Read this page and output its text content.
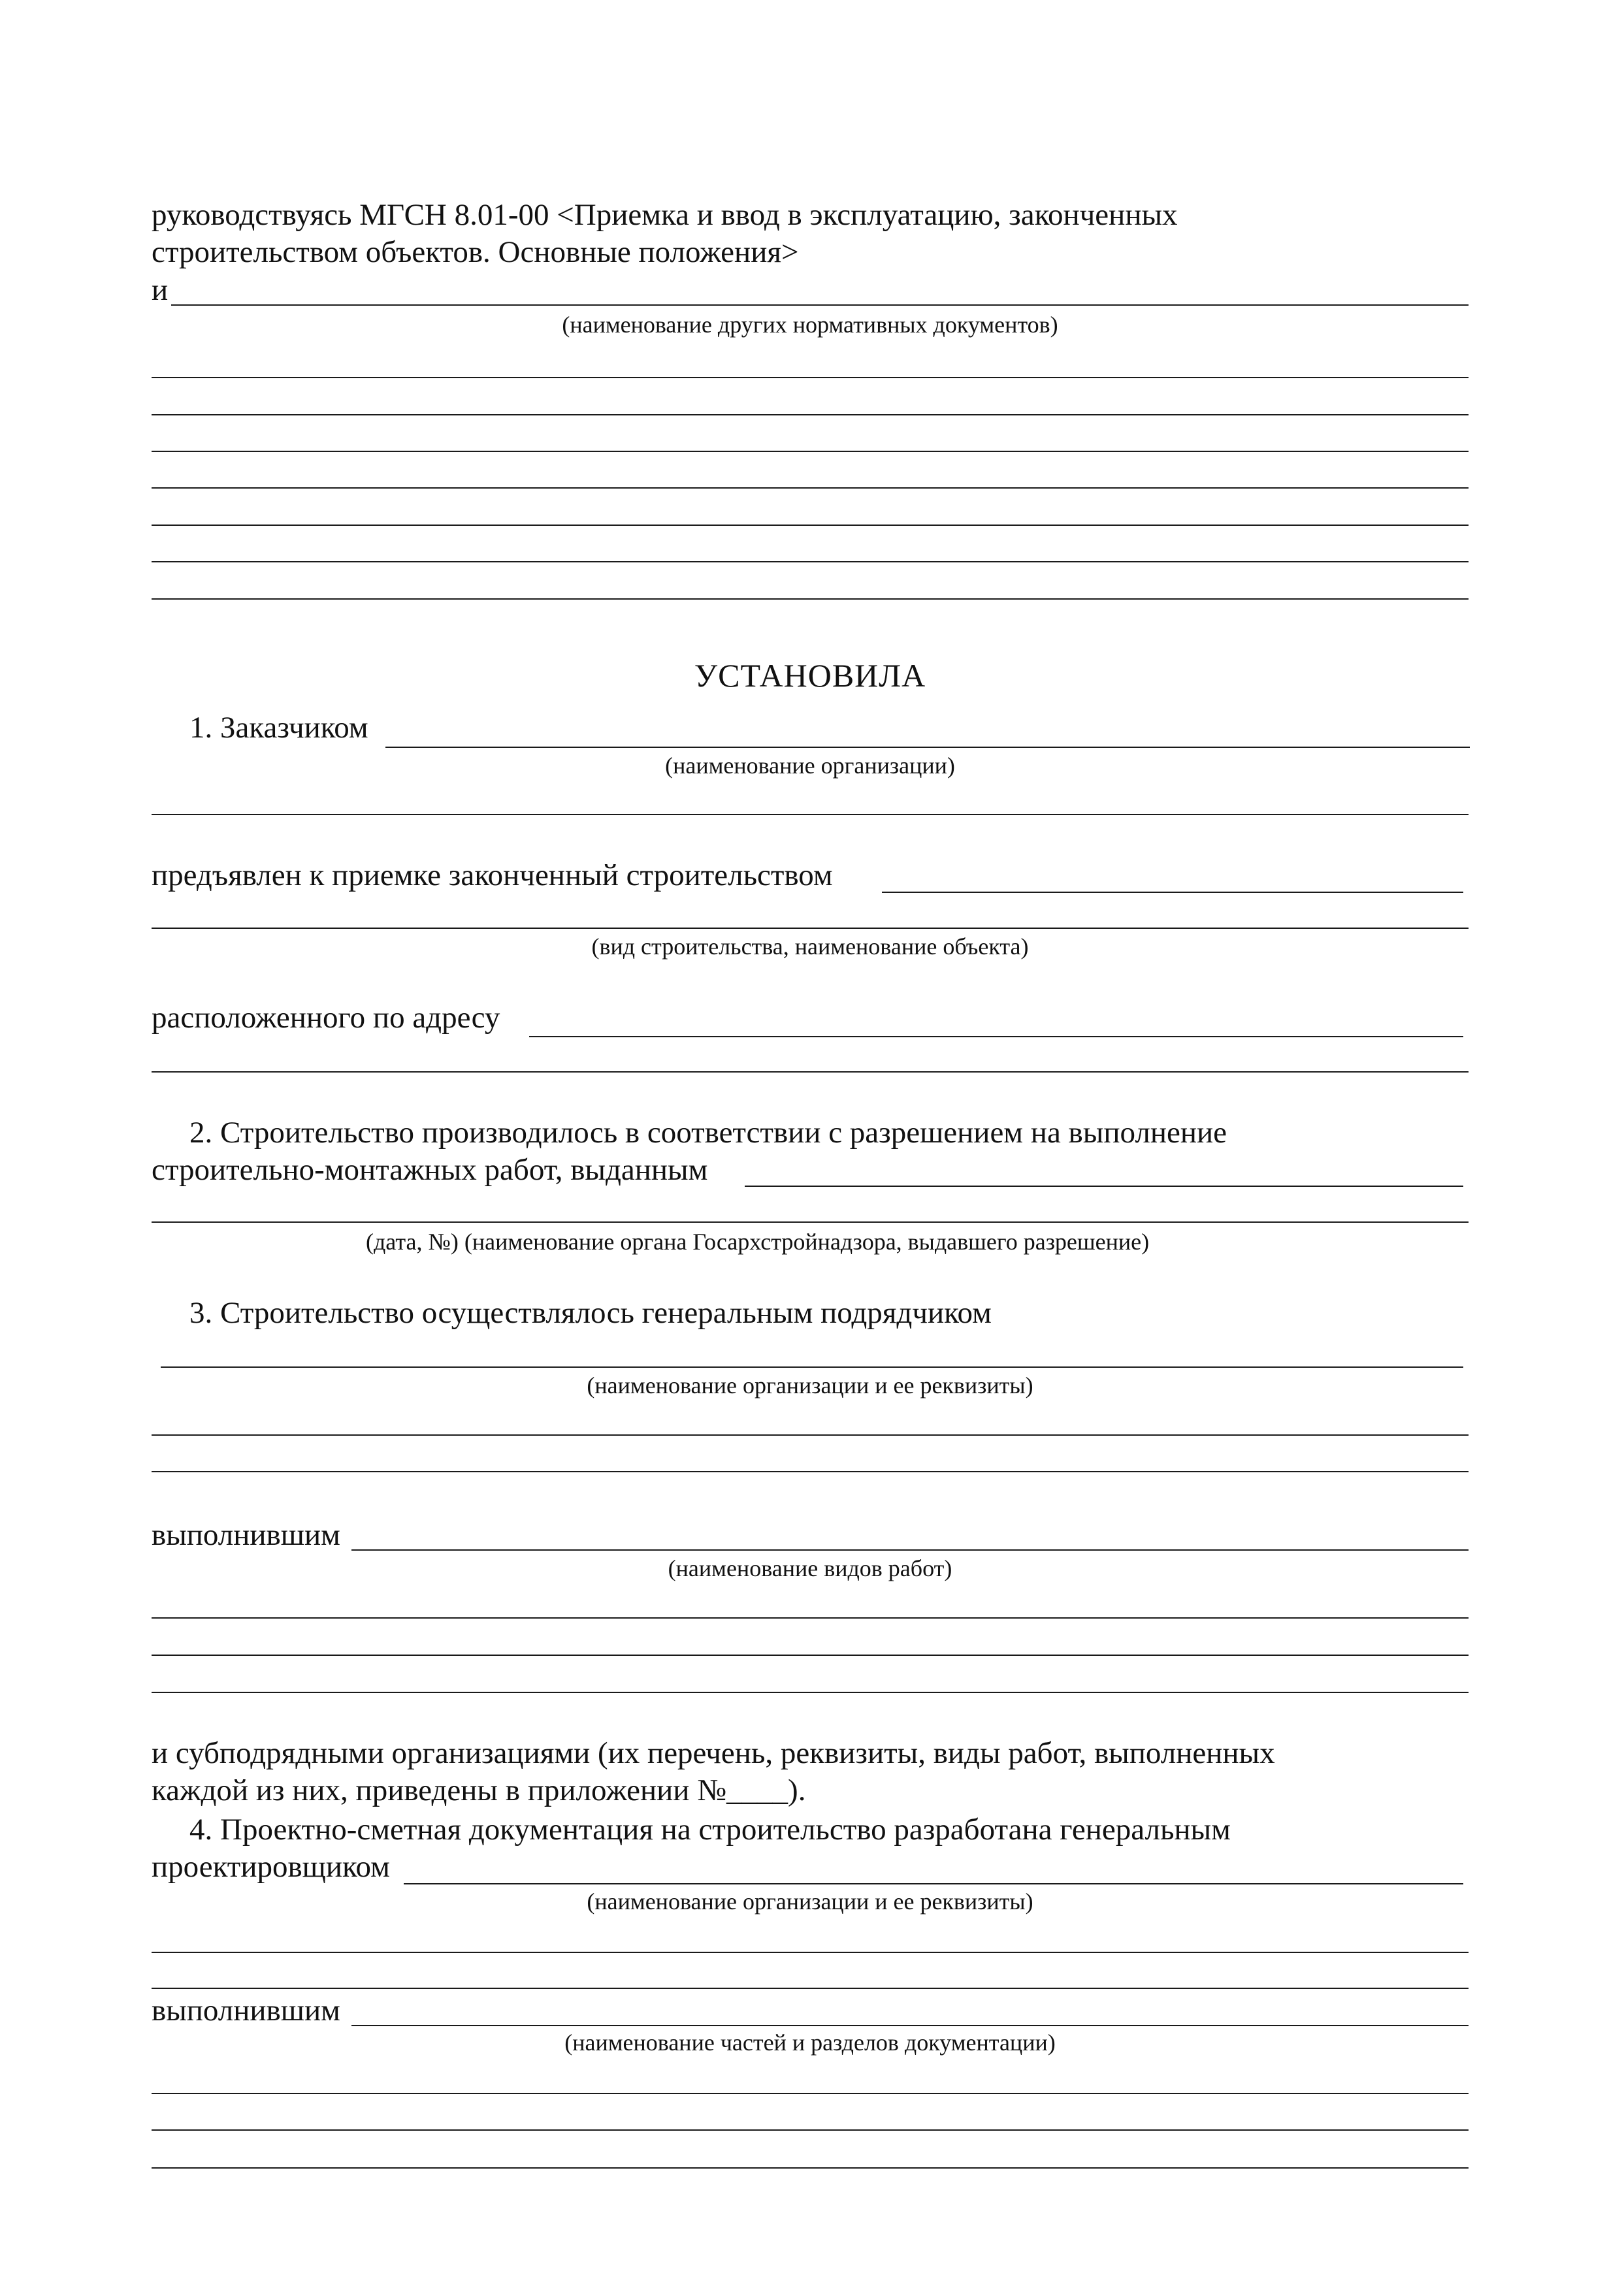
руководствуясь МГСН 8.01-00 <Приемка и ввод в эксплуатацию, законченных
строительством объектов. Основные положения>
и
(наименование других нормативных документов)
УСТАНОВИЛА
1. Заказчиком
(наименование организации)
предъявлен к приемке законченный строительством
(вид строительства, наименование объекта)
расположенного по адресу
2. Строительство производилось в соответствии с разрешением на выполнение
строительно-монтажных работ, выданным
(дата, №) (наименование органа Госархстройнадзора, выдавшего разрешение)
3. Строительство осуществлялось генеральным подрядчиком
(наименование организации и ее реквизиты)
выполнившим
(наименование видов работ)
и субподрядными организациями (их перечень, реквизиты, виды работ, выполненных
каждой из них, приведены в приложении №____).
4. Проектно-сметная документация на строительство разработана генеральным
проектировщиком
(наименование организации и ее реквизиты)
выполнившим
(наименование частей и разделов документации)
